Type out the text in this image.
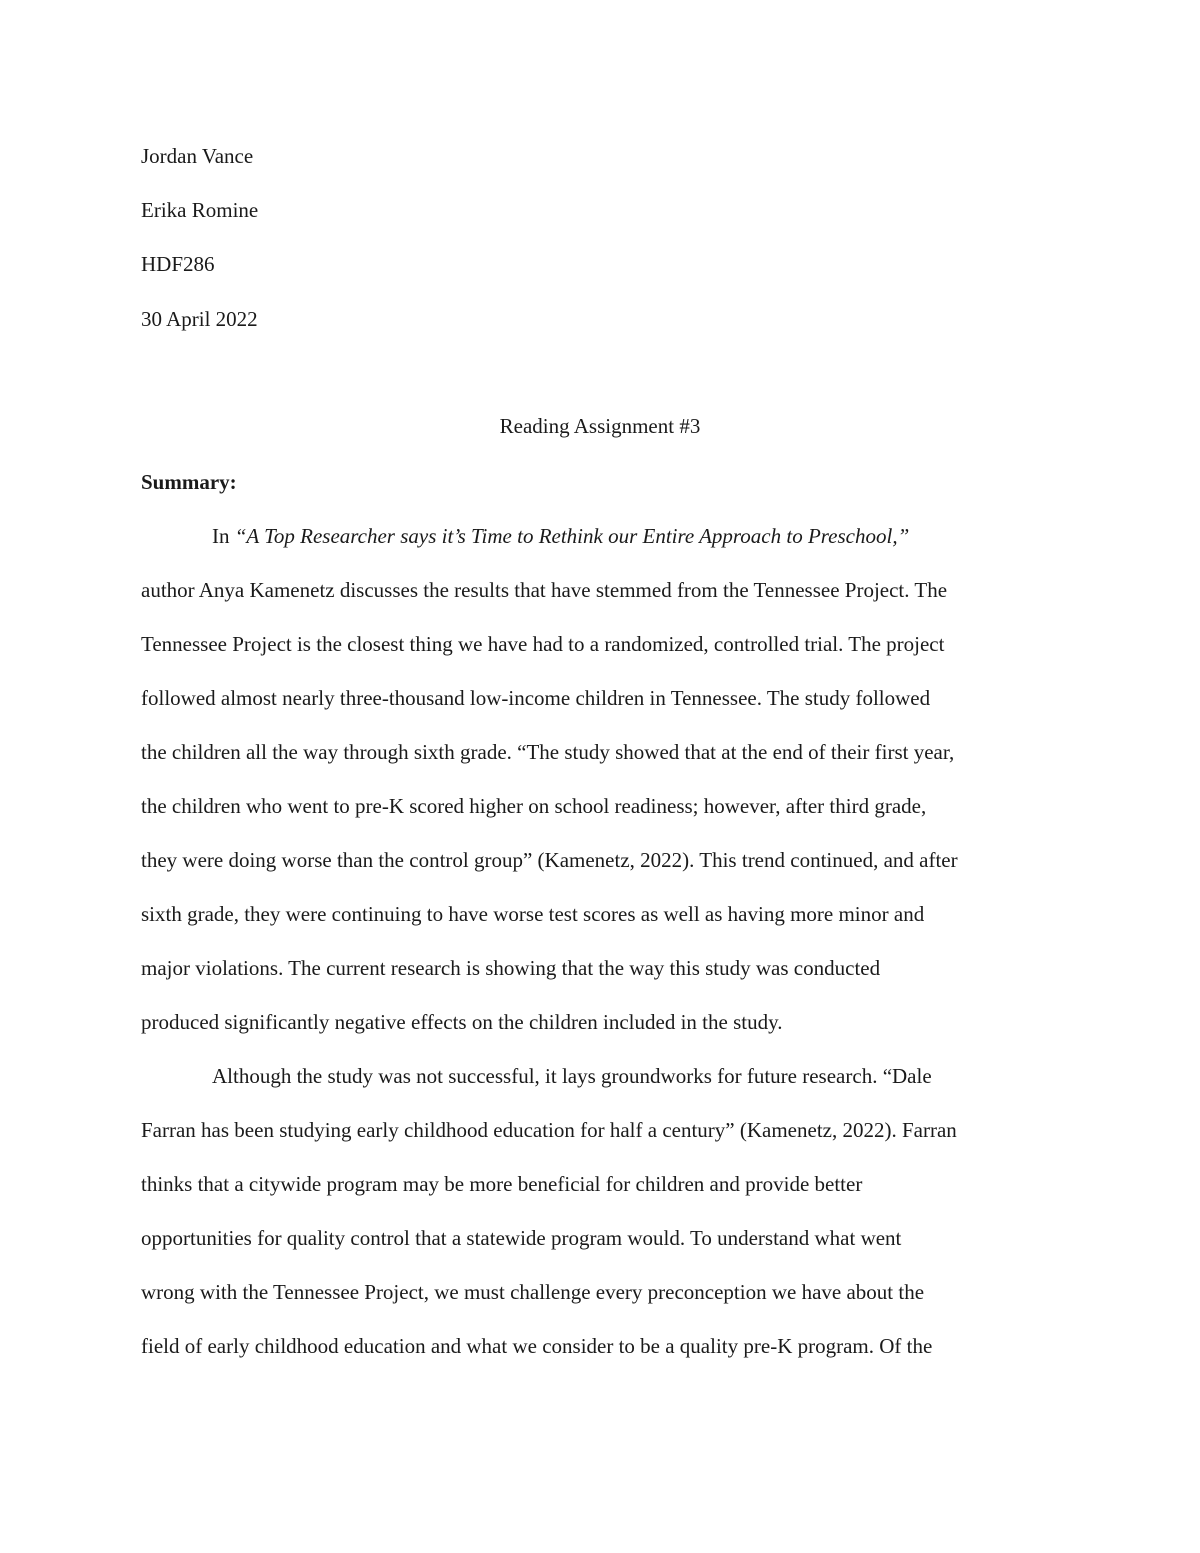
Jordan Vance
Erika Romine
HDF286
30 April 2022
Reading Assignment #3
Summary:
In “A Top Researcher says it’s Time to Rethink our Entire Approach to Preschool,”
author Anya Kamenetz discusses the results that have stemmed from the Tennessee Project. The
Tennessee Project is the closest thing we have had to a randomized, controlled trial. The project
followed almost nearly three-thousand low-income children in Tennessee. The study followed
the children all the way through sixth grade. “The study showed that at the end of their first year,
the children who went to pre-K scored higher on school readiness; however, after third grade,
they were doing worse than the control group” (Kamenetz, 2022). This trend continued, and after
sixth grade, they were continuing to have worse test scores as well as having more minor and
major violations. The current research is showing that the way this study was conducted
produced significantly negative effects on the children included in the study.
Although the study was not successful, it lays groundworks for future research. “Dale
Farran has been studying early childhood education for half a century” (Kamenetz, 2022). Farran
thinks that a citywide program may be more beneficial for children and provide better
opportunities for quality control that a statewide program would. To understand what went
wrong with the Tennessee Project, we must challenge every preconception we have about the
field of early childhood education and what we consider to be a quality pre-K program. Of the
